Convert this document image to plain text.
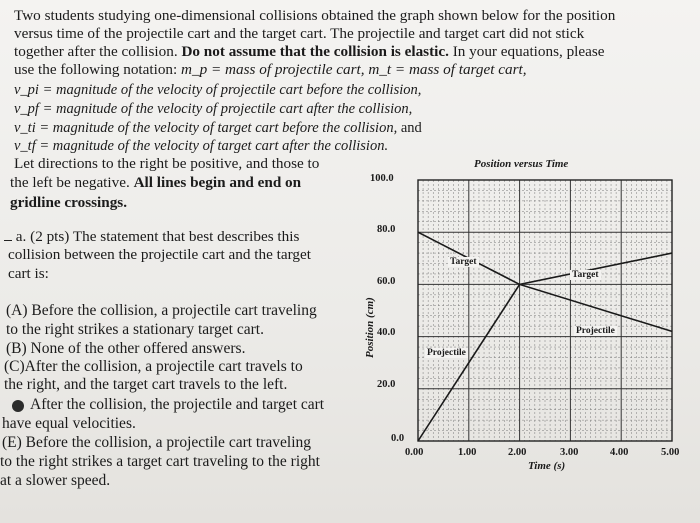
Two students studying one-dimensional collisions obtained the graph shown below for the position
versus time of the projectile cart and the target cart. The projectile and target cart did not stick
together after the collision. Do not assume that the collision is elastic. In your equations, please
use the following notation: m_p = mass of projectile cart, m_t = mass of target cart,
v_pi = magnitude of the velocity of projectile cart before the collision,
v_pf = magnitude of the velocity of projectile cart after the collision,
v_ti = magnitude of the velocity of target cart before the collision, and
v_tf = magnitude of the velocity of target cart after the collision.
Let directions to the right be positive, and those to
the left be negative. All lines begin and end on
gridline crossings.
a. (2 pts) The statement that best describes this
collision between the projectile cart and the target
cart is:
(A) Before the collision, a projectile cart traveling
to the right strikes a stationary target cart.
(B) None of the other offered answers.
(C)After the collision, a projectile cart travels to
the right, and the target cart travels to the left.
After the collision, the projectile and target cart
have equal velocities.
(E) Before the collision, a projectile cart traveling
to the right strikes a target cart traveling to the right
at a slower speed.
Position versus Time
Position (cm)
Time (s)
100.0
80.0
60.0
40.0
20.0
0.0
0.00	1.00	2.00	3.00	4.00	5.00
Target
Target
Projectile
Projectile
